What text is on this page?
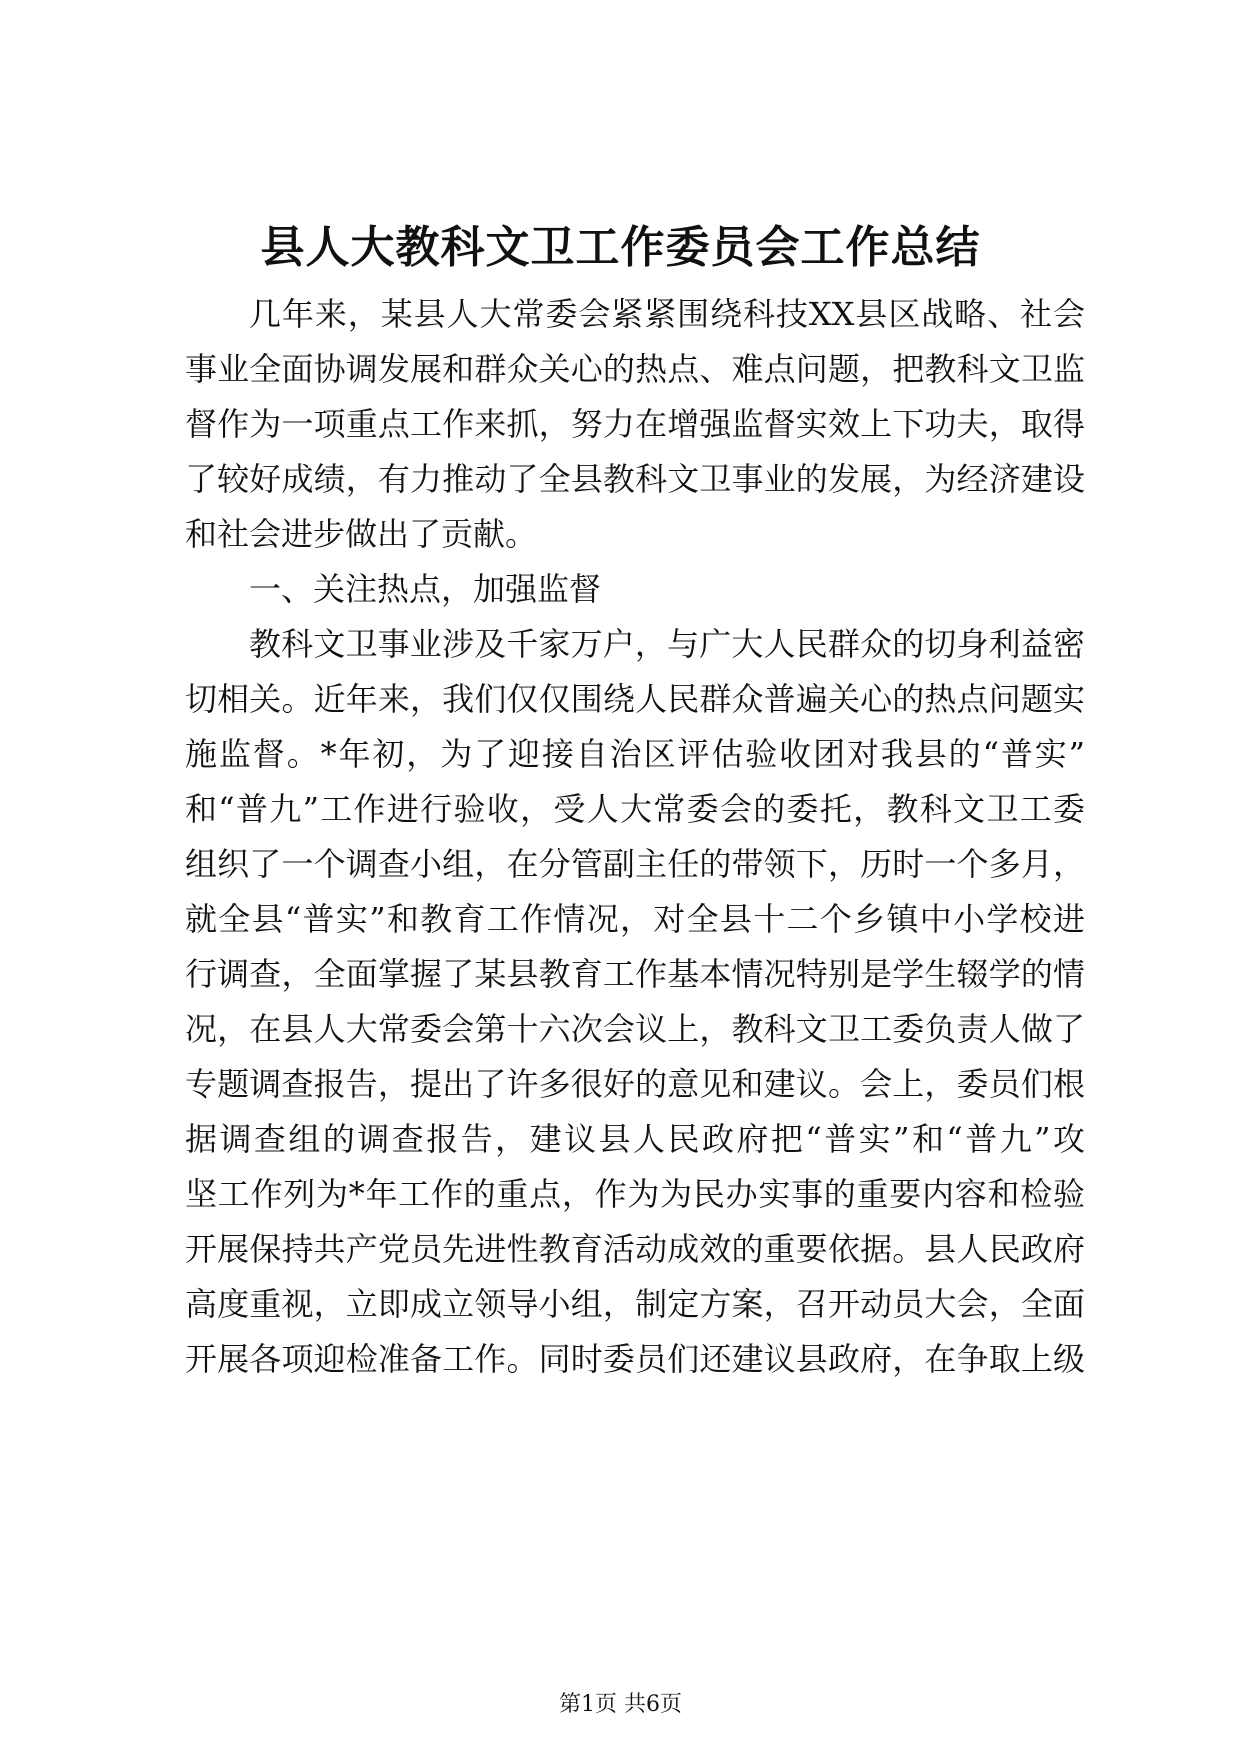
县人大教科文卫工作委员会工作总结
几年来，某县人大常委会紧紧围绕科技XX县区战略、社会
事业全面协调发展和群众关心的热点、难点问题，把教科文卫监
督作为一项重点工作来抓，努力在增强监督实效上下功夫，取得
了较好成绩，有力推动了全县教科文卫事业的发展，为经济建设
和社会进步做出了贡献。
一、关注热点，加强监督
教科文卫事业涉及千家万户，与广大人民群众的切身利益密
切相关。近年来，我们仅仅围绕人民群众普遍关心的热点问题实
施监督。*年初，为了迎接自治区评估验收团对我县的“普实”
和“普九”工作进行验收，受人大常委会的委托，教科文卫工委
组织了一个调查小组，在分管副主任的带领下，历时一个多月，
就全县“普实”和教育工作情况，对全县十二个乡镇中小学校进
行调查，全面掌握了某县教育工作基本情况特别是学生辍学的情
况，在县人大常委会第十六次会议上，教科文卫工委负责人做了
专题调查报告，提出了许多很好的意见和建议。会上，委员们根
据调查组的调查报告，建议县人民政府把“普实”和“普九”攻
坚工作列为*年工作的重点，作为为民办实事的重要内容和检验
开展保持共产党员先进性教育活动成效的重要依据。县人民政府
高度重视，立即成立领导小组，制定方案，召开动员大会，全面
开展各项迎检准备工作。同时委员们还建议县政府，在争取上级
第1页 共6页
